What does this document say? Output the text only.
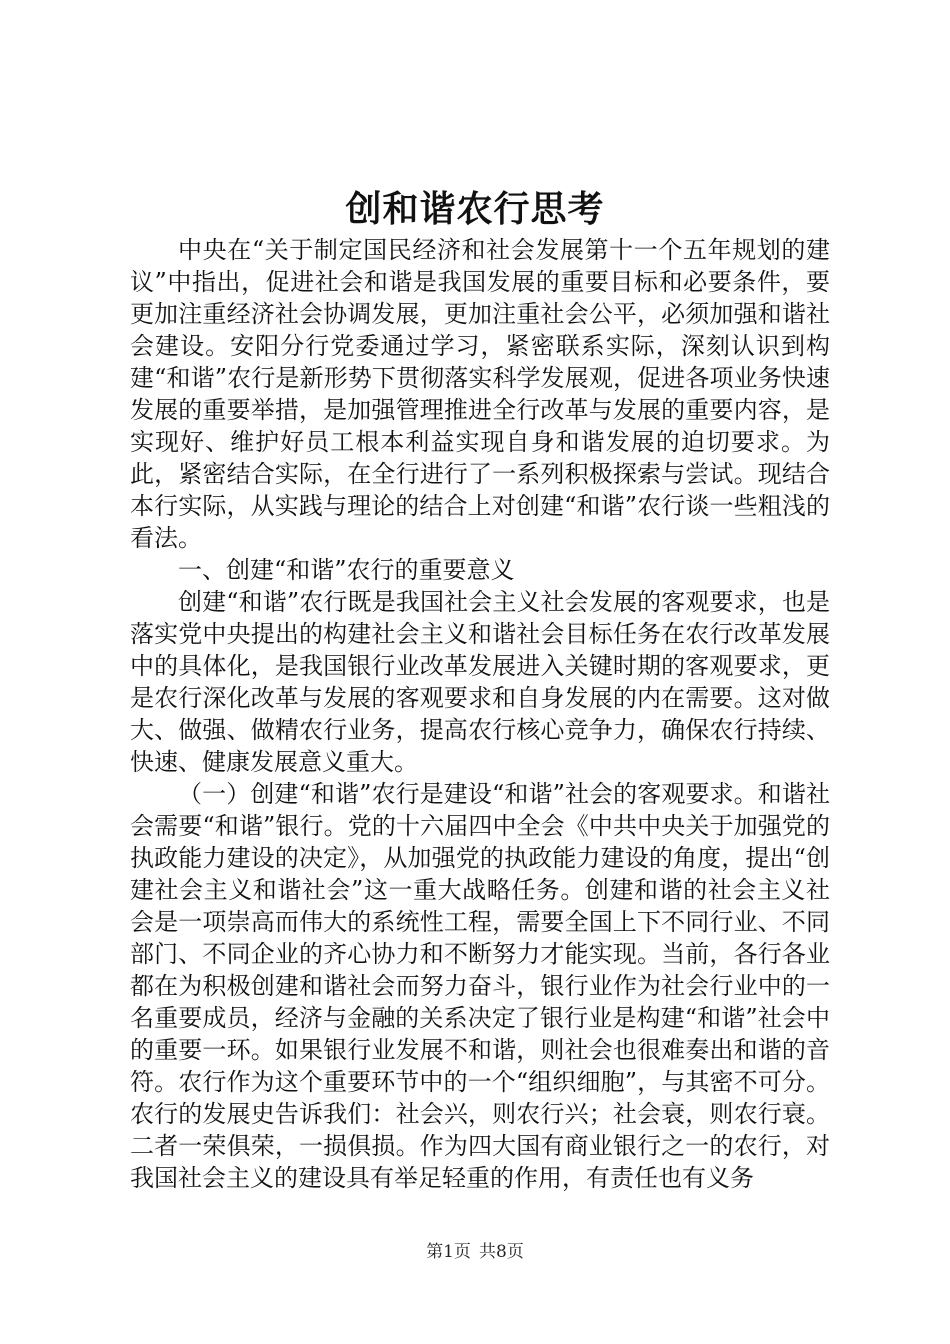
创和谐农行思考

中央在“关于制定国民经济和社会发展第十一个五年规划的建议”中指出，促进社会和谐是我国发展的重要目标和必要条件，要更加注重经济社会协调发展，更加注重社会公平，必须加强和谐社会建设。安阳分行党委通过学习，紧密联系实际，深刻认识到构建“和谐”农行是新形势下贯彻落实科学发展观，促进各项业务快速发展的重要举措，是加强管理推进全行改革与发展的重要内容，是实现好、维护好员工根本利益实现自身和谐发展的迫切要求。为此，紧密结合实际，在全行进行了一系列积极探索与尝试。现结合本行实际，从实践与理论的结合上对创建“和谐”农行谈一些粗浅的看法。

一、创建“和谐”农行的重要意义

创建“和谐”农行既是我国社会主义社会发展的客观要求，也是落实党中央提出的构建社会主义和谐社会目标任务在农行改革发展中的具体化，是我国银行业改革发展进入关键时期的客观要求，更是农行深化改革与发展的客观要求和自身发展的内在需要。这对做大、做强、做精农行业务，提高农行核心竞争力，确保农行持续、快速、健康发展意义重大。

（一）创建“和谐”农行是建设“和谐”社会的客观要求。和谐社会需要“和谐”银行。党的十六届四中全会《中共中央关于加强党的执政能力建设的决定》，从加强党的执政能力建设的角度，提出“创建社会主义和谐社会”这一重大战略任务。创建和谐的社会主义社会是一项崇高而伟大的系统性工程，需要全国上下不同行业、不同部门、不同企业的齐心协力和不断努力才能实现。当前，各行各业都在为积极创建和谐社会而努力奋斗，银行业作为社会行业中的一名重要成员，经济与金融的关系决定了银行业是构建“和谐”社会中的重要一环。如果银行业发展不和谐，则社会也很难奏出和谐的音符。农行作为这个重要环节中的一个“组织细胞”，与其密不可分。农行的发展史告诉我们：社会兴，则农行兴；社会衰，则农行衰。二者一荣俱荣，一损俱损。作为四大国有商业银行之一的农行，对我国社会主义的建设具有举足轻重的作用，有责任也有义务

第1页 共8页
